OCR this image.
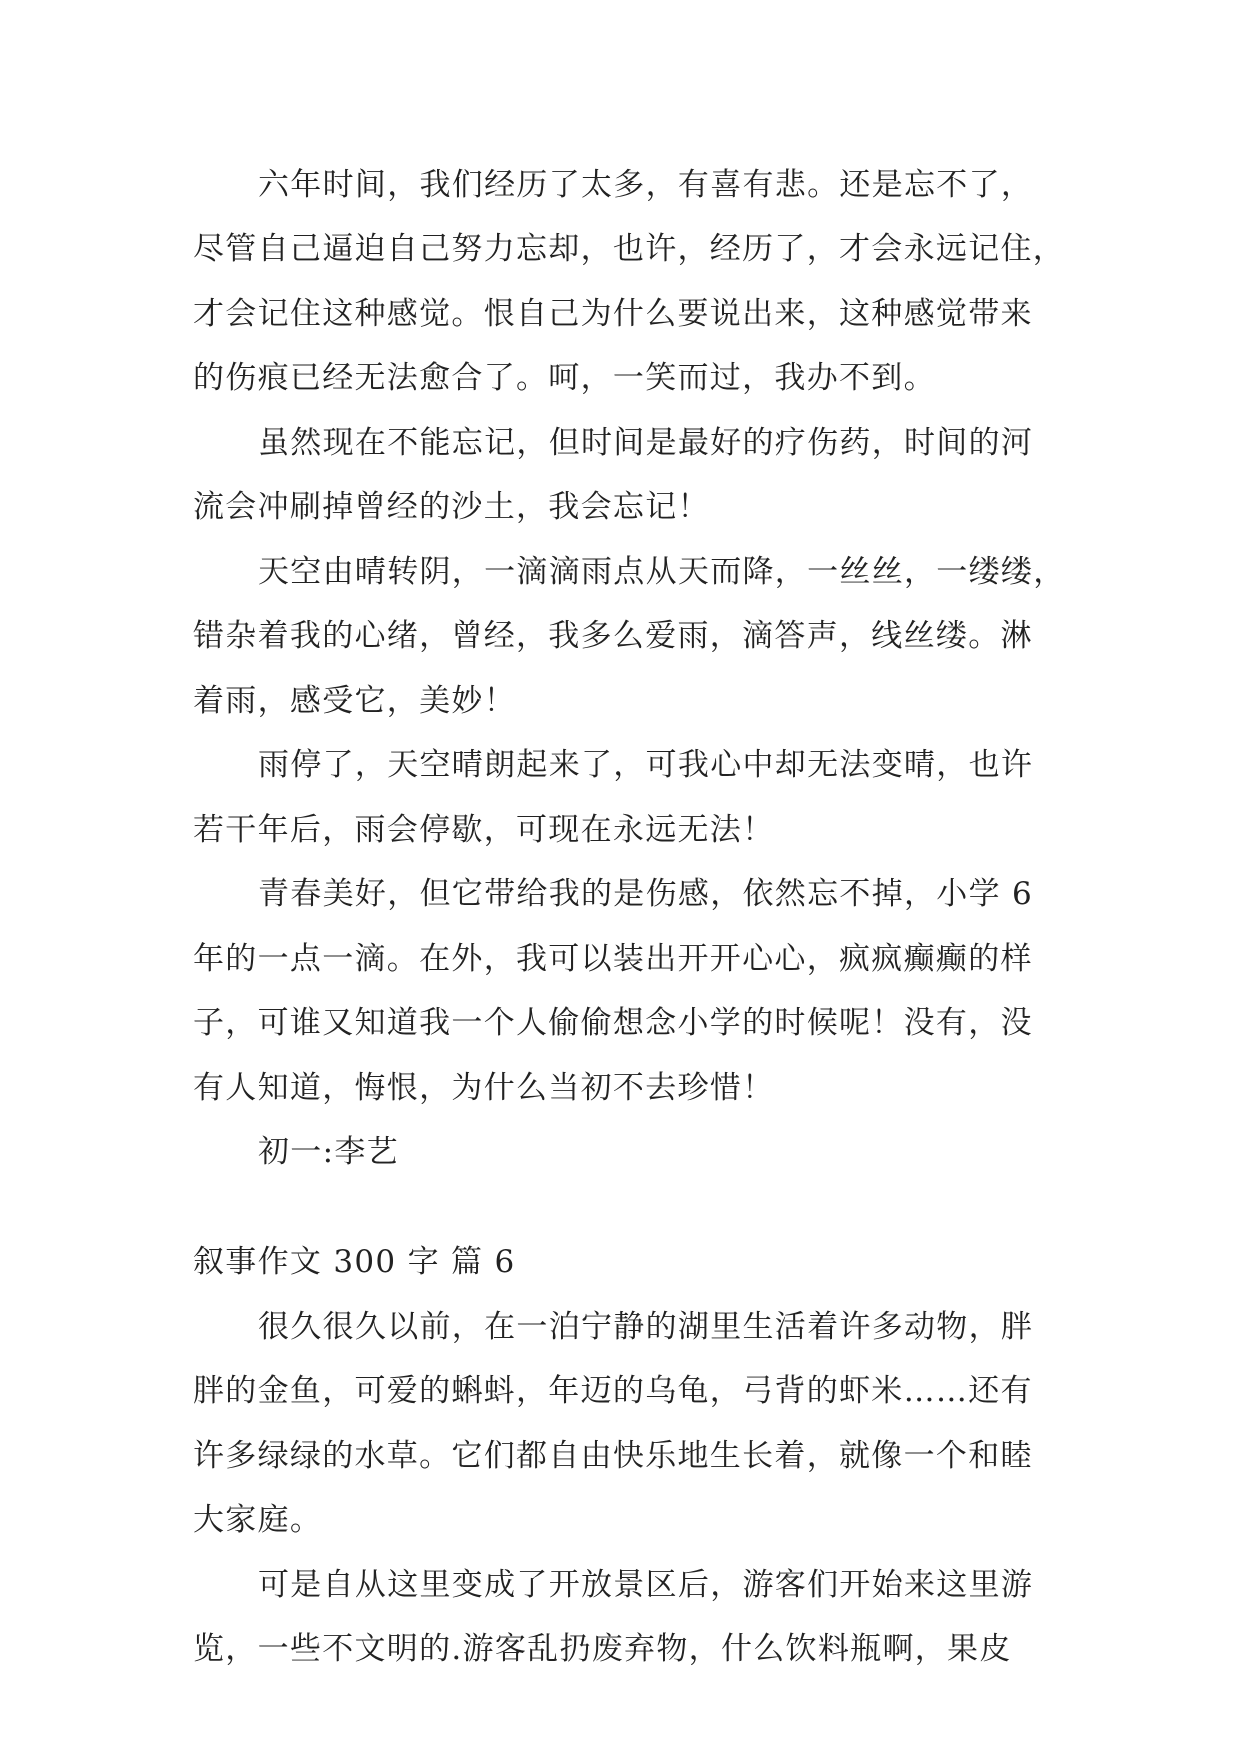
六年时间，我们经历了太多，有喜有悲。还是忘不了，
尽管自己逼迫自己努力忘却，也许，经历了，才会永远记住，
才会记住这种感觉。恨自己为什么要说出来，这种感觉带来
的伤痕已经无法愈合了。呵，一笑而过，我办不到。
虽然现在不能忘记，但时间是最好的疗伤药，时间的河
流会冲刷掉曾经的沙土，我会忘记！
天空由晴转阴，一滴滴雨点从天而降，一丝丝，一缕缕，
错杂着我的心绪，曾经，我多么爱雨，滴答声，线丝缕。淋
着雨，感受它，美妙！
雨停了，天空晴朗起来了，可我心中却无法变晴，也许
若干年后，雨会停歇，可现在永远无法！
青春美好，但它带给我的是伤感，依然忘不掉，小学 6
年的一点一滴。在外，我可以装出开开心心，疯疯癫癫的样
子，可谁又知道我一个人偷偷想念小学的时候呢！没有，没
有人知道，悔恨，为什么当初不去珍惜！
初一:李艺
叙事作文 300 字 篇 6
很久很久以前，在一泊宁静的湖里生活着许多动物，胖
胖的金鱼，可爱的蝌蚪，年迈的乌龟，弓背的虾米……还有
许多绿绿的水草。它们都自由快乐地生长着，就像一个和睦
大家庭。
可是自从这里变成了开放景区后，游客们开始来这里游
览，一些不文明的.游客乱扔废弃物，什么饮料瓶啊，果皮
